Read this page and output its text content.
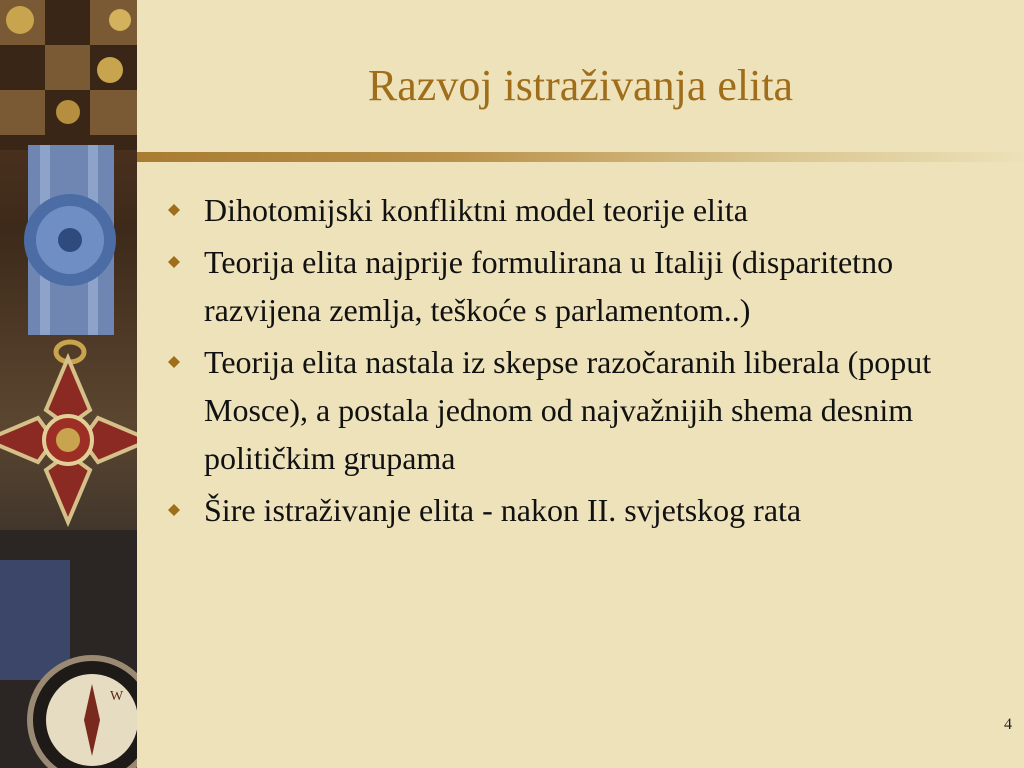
W
Razvoj istraživanja elita
Dihotomijski konfliktni model teorije elita
Teorija elita najprije formulirana u Italiji (disparitetno razvijena zemlja, teškoće s parlamentom..)
Teorija elita nastala iz skepse razočaranih liberala (poput Mosce), a postala jednom od najvažnijih shema desnim političkim grupama
Šire istraživanje elita - nakon II. svjetskog rata
4
